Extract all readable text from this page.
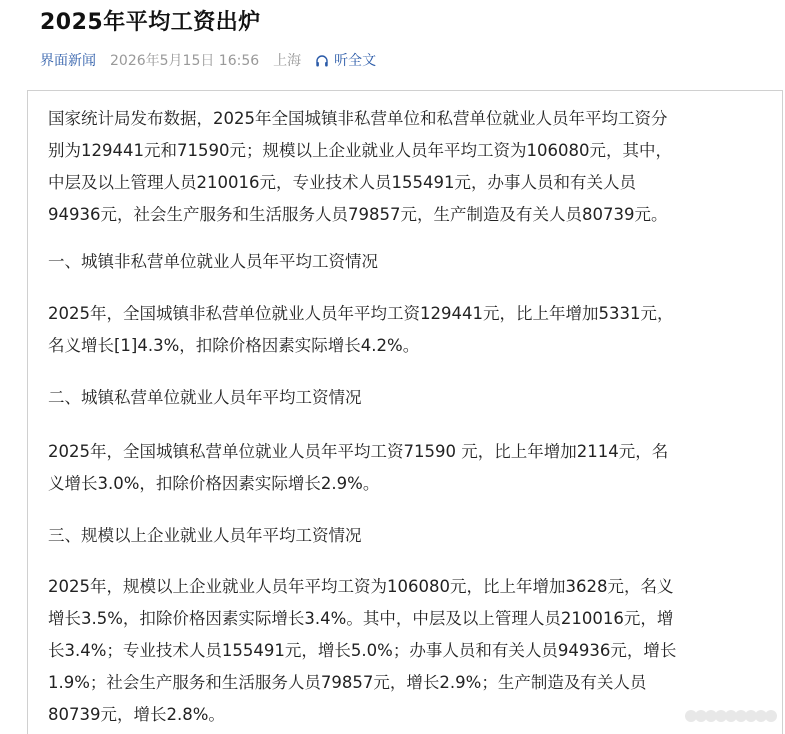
2025年平均工资出炉
界面新闻 2026年5月15日 16:56 上海 听全文
国家统计局发布数据，2025年全国城镇非私营单位和私营单位就业人员年平均工资分
别为129441元和71590元；规模以上企业就业人员年平均工资为106080元，其中，
中层及以上管理人员210016元，专业技术人员155491元，办事人员和有关人员
94936元，社会生产服务和生活服务人员79857元，生产制造及有关人员80739元。
一、城镇非私营单位就业人员年平均工资情况
2025年，全国城镇非私营单位就业人员年平均工资129441元，比上年增加5331元，
名义增长[1]4.3%，扣除价格因素实际增长4.2%。
二、城镇私营单位就业人员年平均工资情况
2025年，全国城镇私营单位就业人员年平均工资71590 元，比上年增加2114元，名
义增长3.0%，扣除价格因素实际增长2.9%。
三、规模以上企业就业人员年平均工资情况
2025年，规模以上企业就业人员年平均工资为106080元，比上年增加3628元，名义
增长3.5%，扣除价格因素实际增长3.4%。其中，中层及以上管理人员210016元，增
长3.4%；专业技术人员155491元，增长5.0%；办事人员和有关人员94936元，增长
1.9%；社会生产服务和生活服务人员79857元，增长2.9%；生产制造及有关人员
80739元，增长2.8%。
